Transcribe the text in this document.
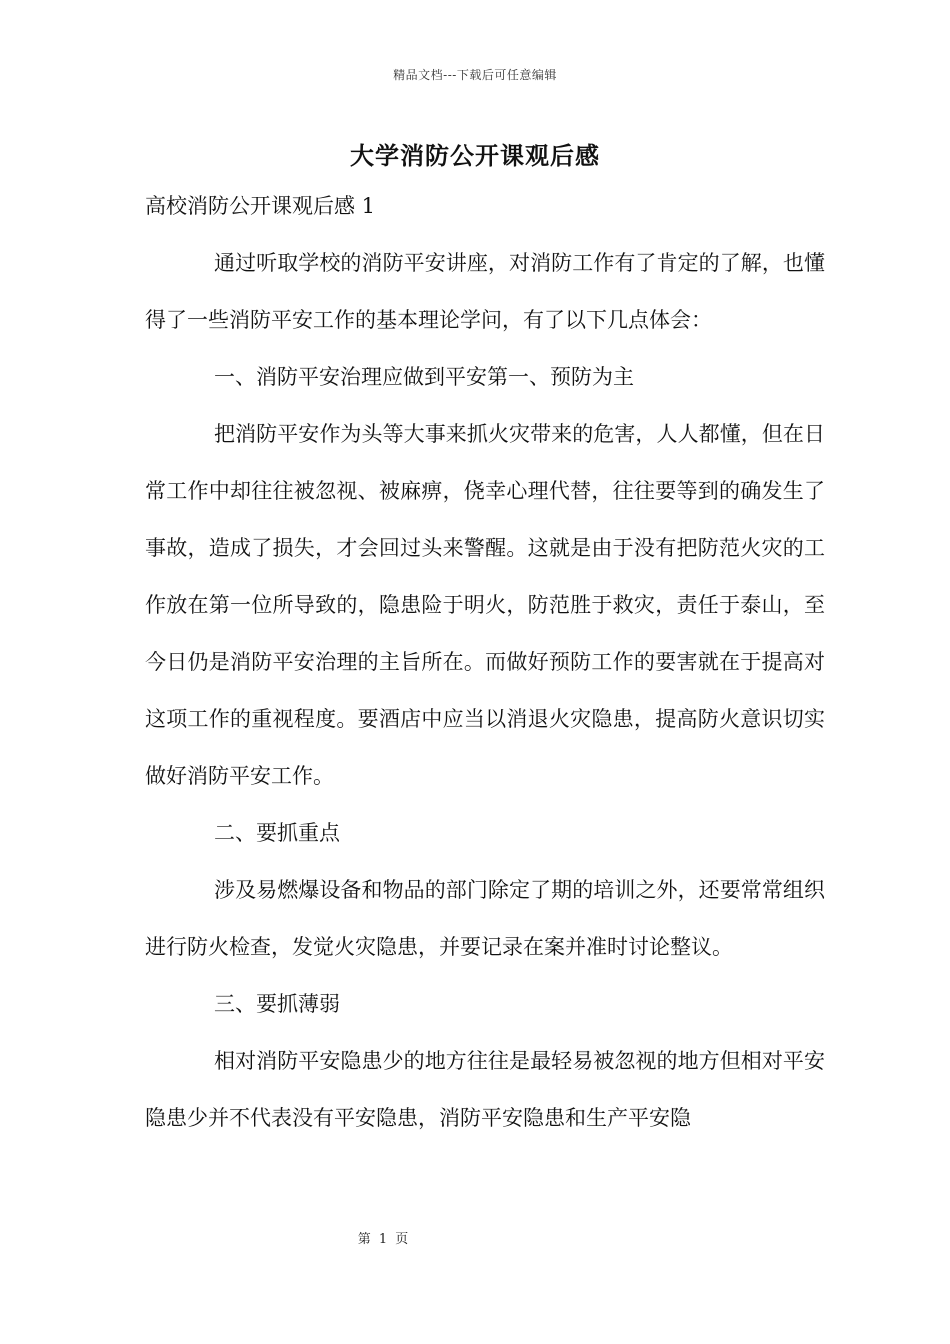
精品文档---下载后可任意编辑
大学消防公开课观后感

高校消防公开课观后感 1

通过听取学校的消防平安讲座，对消防工作有了肯定的了解，也懂得了一些消防平安工作的基本理论学问，有了以下几点体会：

一、消防平安治理应做到平安第一、预防为主

把消防平安作为头等大事来抓火灾带来的危害，人人都懂，但在日常工作中却往往被忽视、被麻痹，侥幸心理代替，往往要等到的确发生了事故，造成了损失，才会回过头来警醒。这就是由于没有把防范火灾的工作放在第一位所导致的，隐患险于明火，防范胜于救灾，责任于泰山，至今日仍是消防平安治理的主旨所在。而做好预防工作的要害就在于提高对这项工作的重视程度。要酒店中应当以消退火灾隐患，提高防火意识切实做好消防平安工作。

二、要抓重点

涉及易燃爆设备和物品的部门除定了期的培训之外，还要常常组织进行防火检查，发觉火灾隐患，并要记录在案并准时讨论整议。

三、要抓薄弱

相对消防平安隐患少的地方往往是最轻易被忽视的地方但相对平安隐患少并不代表没有平安隐患，消防平安隐患和生产平安隐

第 1 页
